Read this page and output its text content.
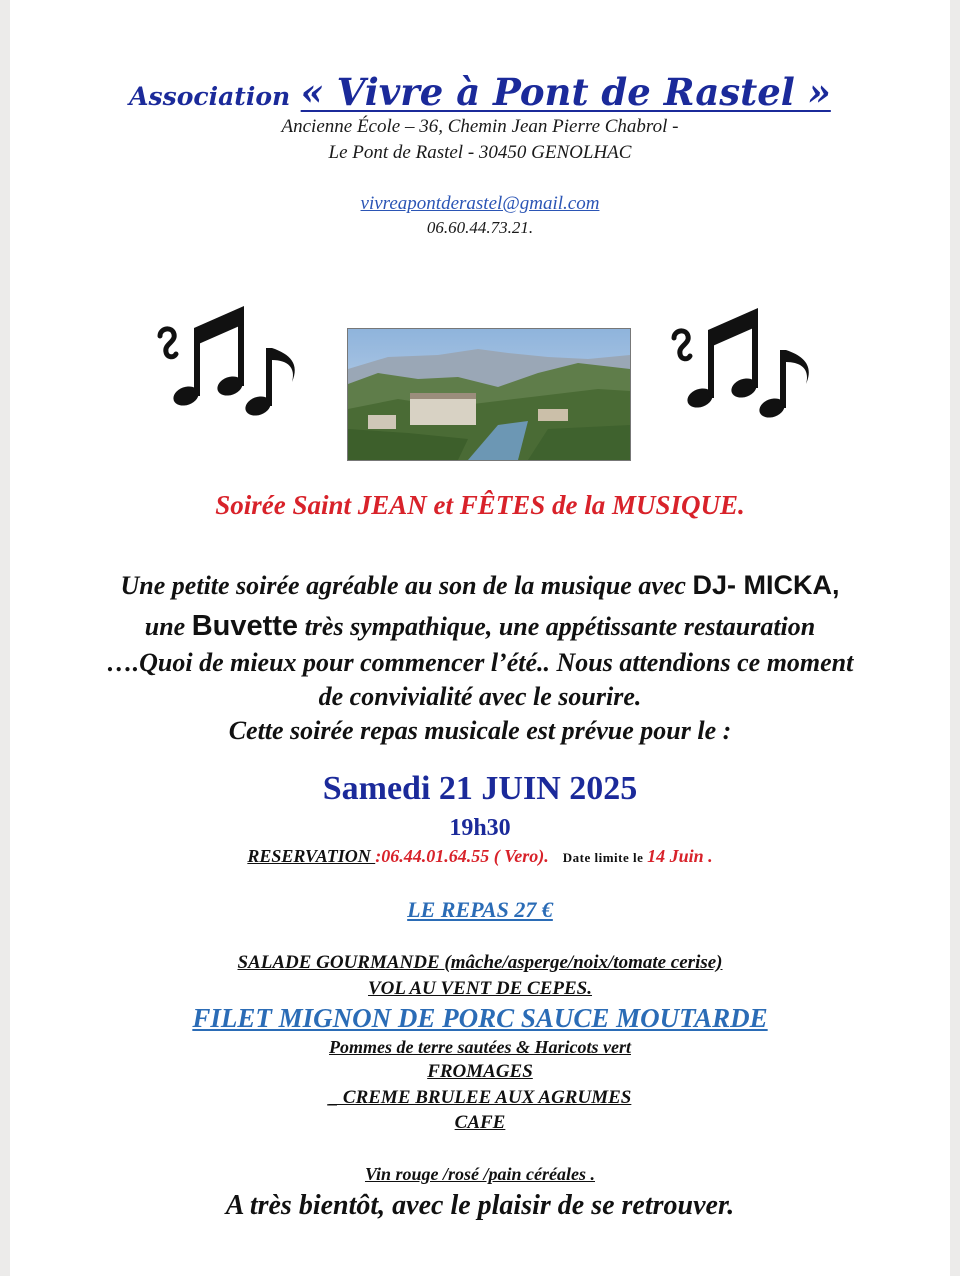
Association « Vivre à Pont de Rastel »
Ancienne École – 36, Chemin Jean Pierre Chabrol -
Le Pont de Rastel - 30450 GENOLHAC
vivreapontderastel@gmail.com
06.60.44.73.21.
Soirée Saint JEAN et FÊTES de la MUSIQUE.
Une petite soirée agréable au son de la musique avec DJ- MICKA,
une Buvette très sympathique, une appétissante restauration
….Quoi de mieux pour commencer l’été.. Nous attendions ce moment
de convivialité avec le sourire.
Cette soirée repas musicale est prévue pour le :
Samedi 21 JUIN 2025
19h30
RESERVATION :06.44.01.64.55 ( Vero). Date limite le 14 Juin .
LE REPAS 27 €
SALADE GOURMANDE (mâche/asperge/noix/tomate cerise)
VOL AU VENT DE CEPES.
FILET MIGNON DE PORC SAUCE MOUTARDE
Pommes de terre sautées & Haricots vert
FROMAGES
_ CREME BRULEE AUX AGRUMES
CAFE
Vin rouge /rosé /pain céréales .
A très bientôt, avec le plaisir de se retrouver.
